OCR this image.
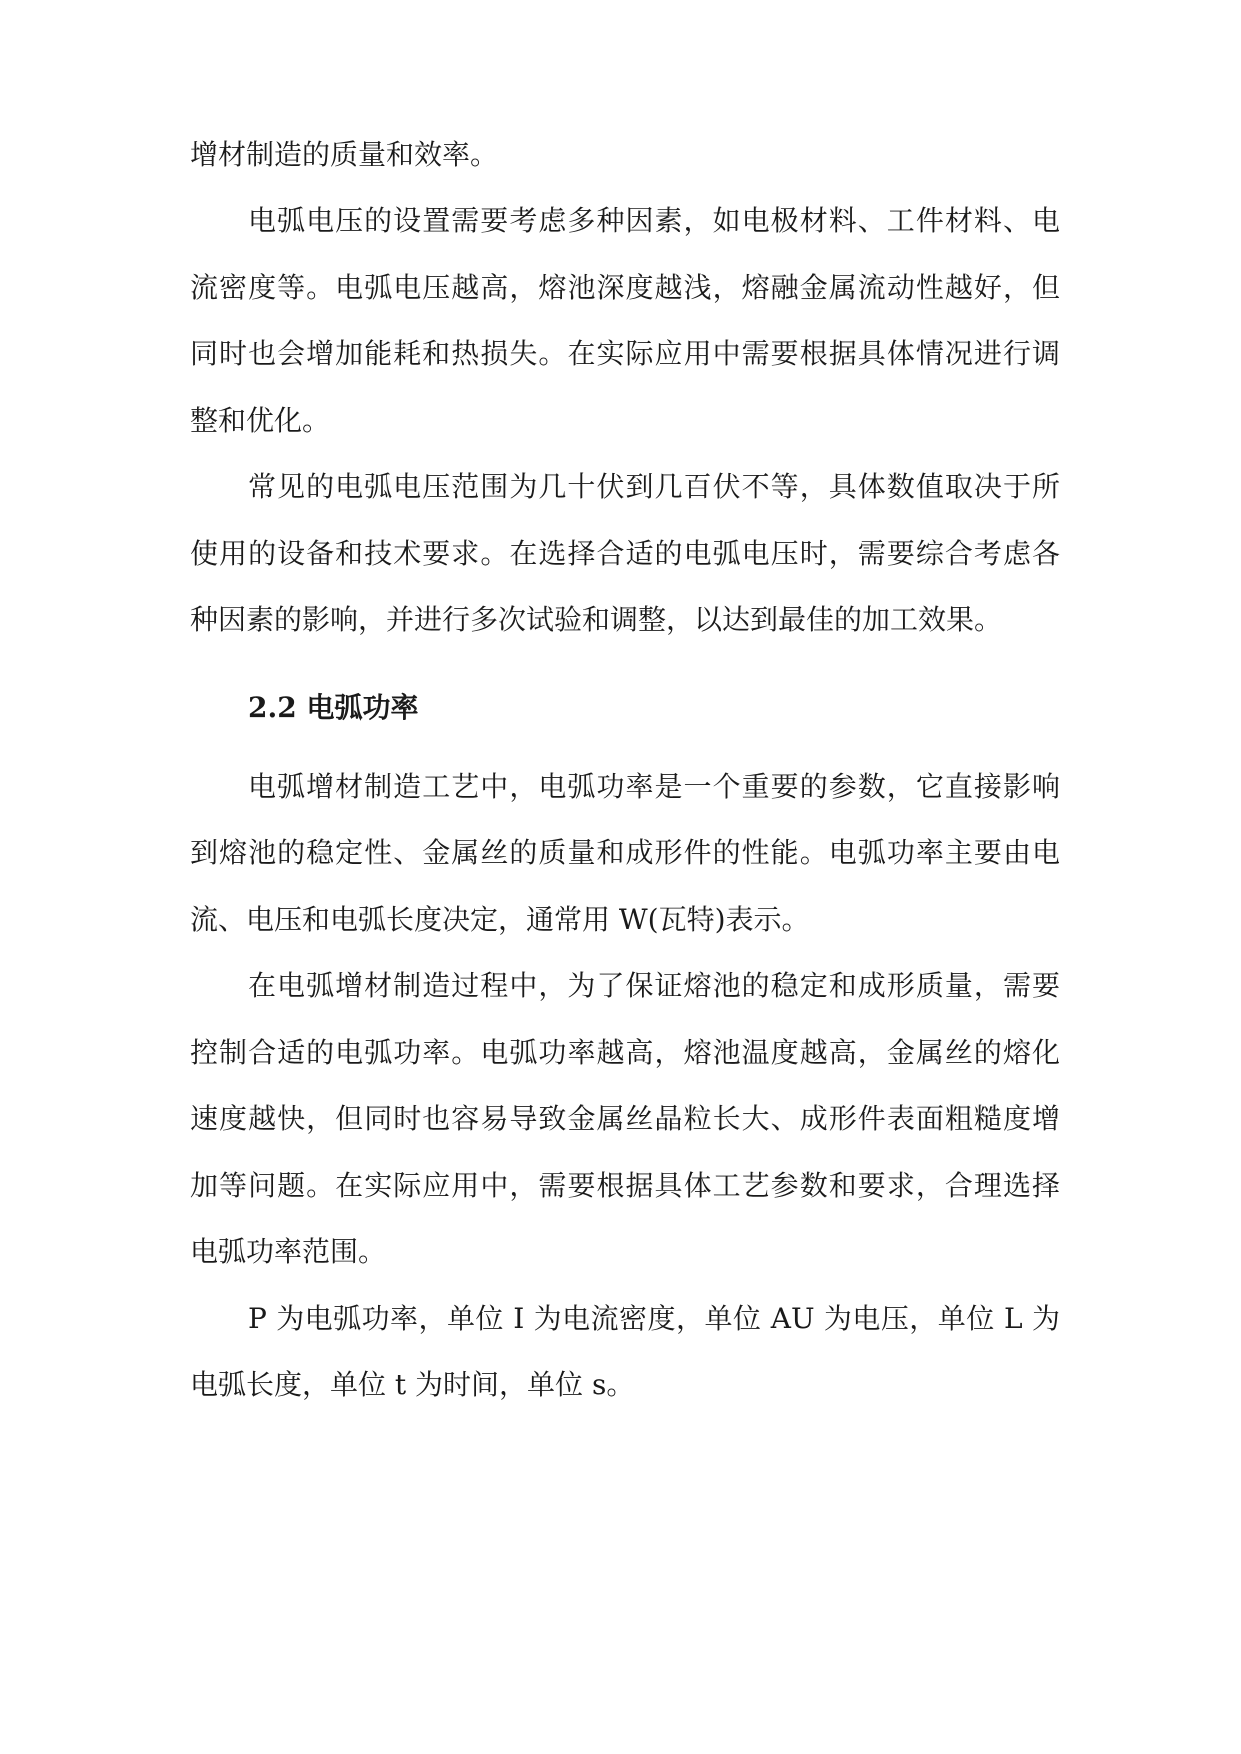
增材制造的质量和效率。
电弧电压的设置需要考虑多种因素，如电极材料、工件材料、电
流密度等。电弧电压越高，熔池深度越浅，熔融金属流动性越好，但
同时也会增加能耗和热损失。在实际应用中需要根据具体情况进行调
整和优化。
常见的电弧电压范围为几十伏到几百伏不等，具体数值取决于所
使用的设备和技术要求。在选择合适的电弧电压时，需要综合考虑各
种因素的影响，并进行多次试验和调整，以达到最佳的加工效果。
2.2 电弧功率
电弧增材制造工艺中，电弧功率是一个重要的参数，它直接影响
到熔池的稳定性、金属丝的质量和成形件的性能。电弧功率主要由电
流、电压和电弧长度决定，通常用 W(瓦特)表示。
在电弧增材制造过程中，为了保证熔池的稳定和成形质量，需要
控制合适的电弧功率。电弧功率越高，熔池温度越高，金属丝的熔化
速度越快，但同时也容易导致金属丝晶粒长大、成形件表面粗糙度增
加等问题。在实际应用中，需要根据具体工艺参数和要求，合理选择
电弧功率范围。
P 为电弧功率，单位 I 为电流密度，单位 AU 为电压，单位 L 为
电弧长度，单位 t 为时间，单位 s。
